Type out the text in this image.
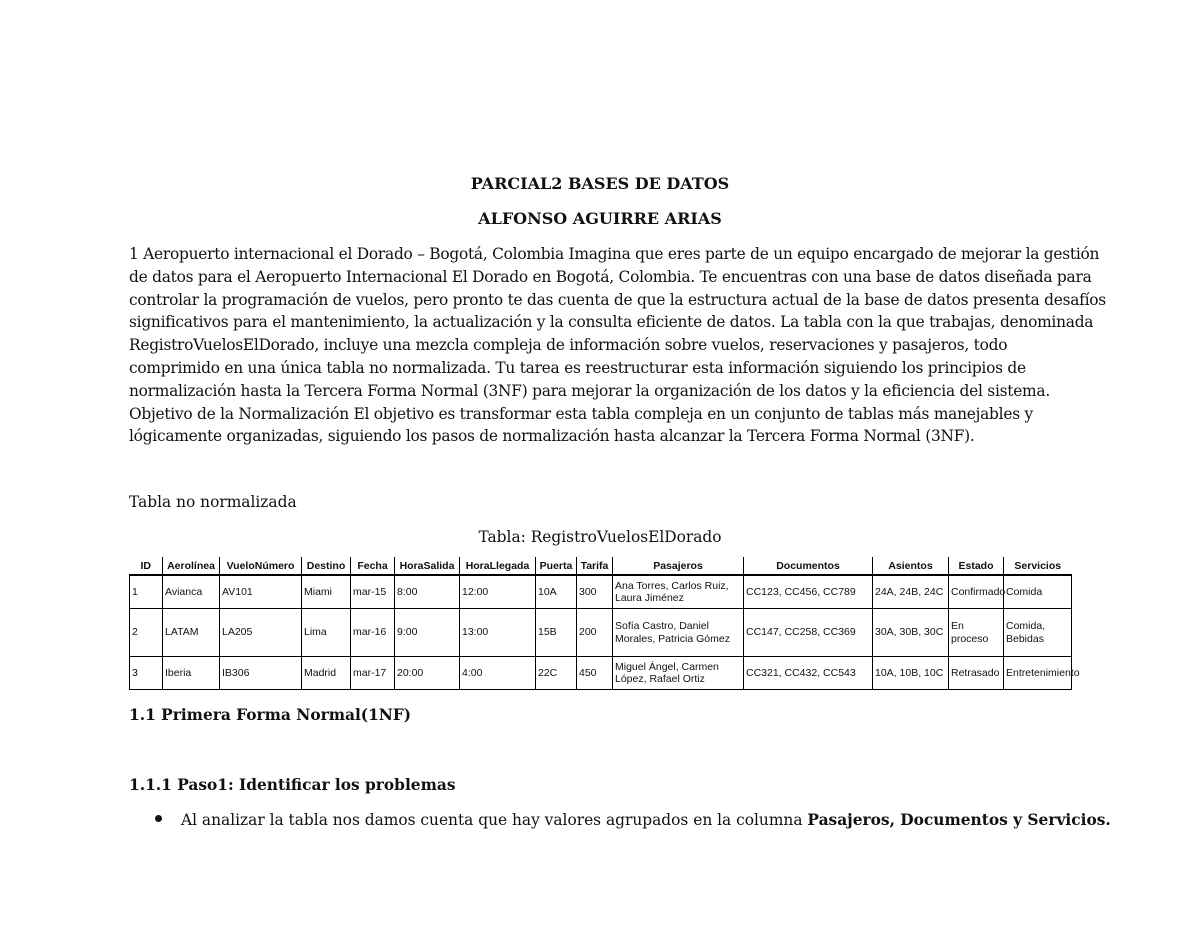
PARCIAL2 BASES DE DATOS
ALFONSO AGUIRRE ARIAS
1 Aeropuerto internacional el Dorado – Bogotá, Colombia Imagina que eres parte de un equipo encargado de mejorar la gestión
de datos para el Aeropuerto Internacional El Dorado en Bogotá, Colombia. Te encuentras con una base de datos diseñada para
controlar la programación de vuelos, pero pronto te das cuenta de que la estructura actual de la base de datos presenta desafíos
significativos para el mantenimiento, la actualización y la consulta eficiente de datos. La tabla con la que trabajas, denominada
RegistroVuelosElDorado, incluye una mezcla compleja de información sobre vuelos, reservaciones y pasajeros, todo
comprimido en una única tabla no normalizada. Tu tarea es reestructurar esta información siguiendo los principios de
normalización hasta la Tercera Forma Normal (3NF) para mejorar la organización de los datos y la eficiencia del sistema.
Objetivo de la Normalización El objetivo es transformar esta tabla compleja en un conjunto de tablas más manejables y
lógicamente organizadas, siguiendo los pasos de normalización hasta alcanzar la Tercera Forma Normal (3NF).
Tabla no normalizada
Tabla: RegistroVuelosElDorado
ID	Aerolínea	VueloNúmero	Destino	Fecha	HoraSalida	HoraLlegada	Puerta	Tarifa	Pasajeros	Documentos	Asientos	Estado	Servicios
1	Avianca	AV101	Miami	mar-15	8:00	12:00	10A	300	Ana Torres, Carlos Ruiz, Laura Jiménez	CC123, CC456, CC789	24A, 24B, 24C	Confirmado	Comida
2	LATAM	LA205	Lima	mar-16	9:00	13:00	15B	200	Sofía Castro, Daniel Morales, Patricia Gómez	CC147, CC258, CC369	30A, 30B, 30C	En proceso	Comida, Bebidas
3	Iberia	IB306	Madrid	mar-17	20:00	4:00	22C	450	Miguel Ángel, Carmen López, Rafael Ortiz	CC321, CC432, CC543	10A, 10B, 10C	Retrasado	Entretenimiento
1.1 Primera Forma Normal(1NF)
1.1.1 Paso1: Identificar los problemas
Al analizar la tabla nos damos cuenta que hay valores agrupados en la columna Pasajeros, Documentos y Servicios.
